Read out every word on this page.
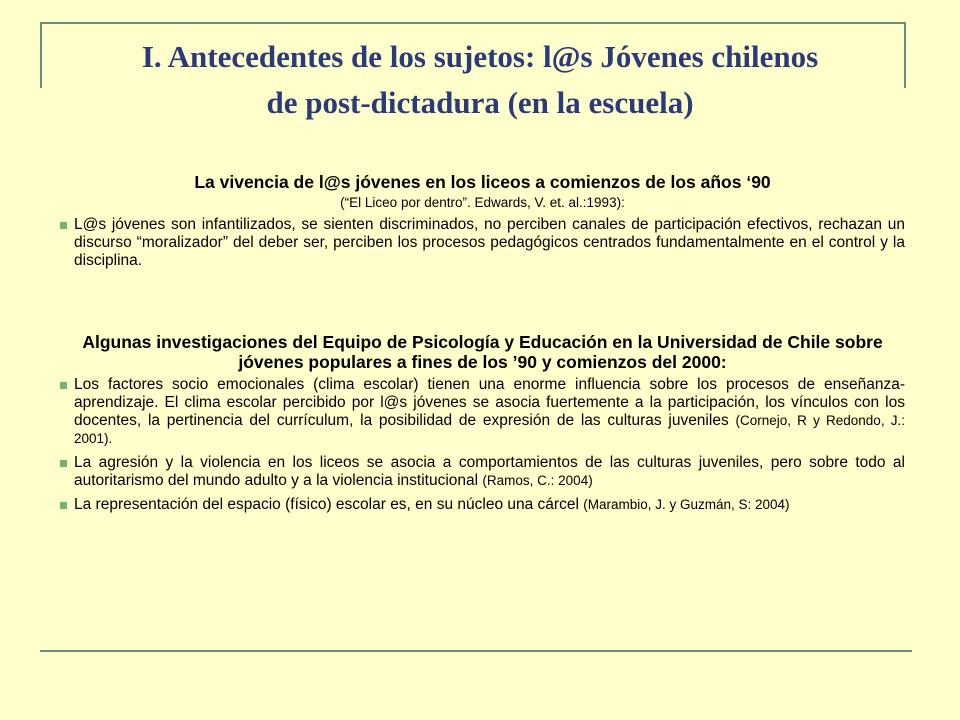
I. Antecedentes de los sujetos: l@s Jóvenes chilenos
de post-dictadura (en la escuela)

La vivencia de l@s jóvenes en los liceos a comienzos de los años ‘90

(“El Liceo por dentro”. Edwards, V. et. al.:1993):

L@s jóvenes son infantilizados, se sienten discriminados, no perciben canales de participación efectivos, rechazan un discurso “moralizador” del deber ser, perciben los procesos pedagógicos centrados fundamentalmente en el control y la disciplina.

Algunas investigaciones del Equipo de Psicología y Educación en la Universidad de Chile sobre jóvenes populares a fines de los ’90 y comienzos del 2000:

Los factores socio emocionales (clima escolar) tienen una enorme influencia sobre los procesos de enseñanza-aprendizaje. El clima escolar percibido por l@s jóvenes se asocia fuertemente a la participación, los vínculos con los docentes, la pertinencia del currículum, la posibilidad de expresión de las culturas juveniles (Cornejo, R y Redondo, J.: 2001).
La agresión y la violencia en los liceos se asocia a comportamientos de las culturas juveniles, pero sobre todo al autoritarismo del mundo adulto y a la violencia institucional (Ramos, C.: 2004)
La representación del espacio (físico) escolar es, en su núcleo una cárcel (Marambio, J. y Guzmán, S: 2004)
